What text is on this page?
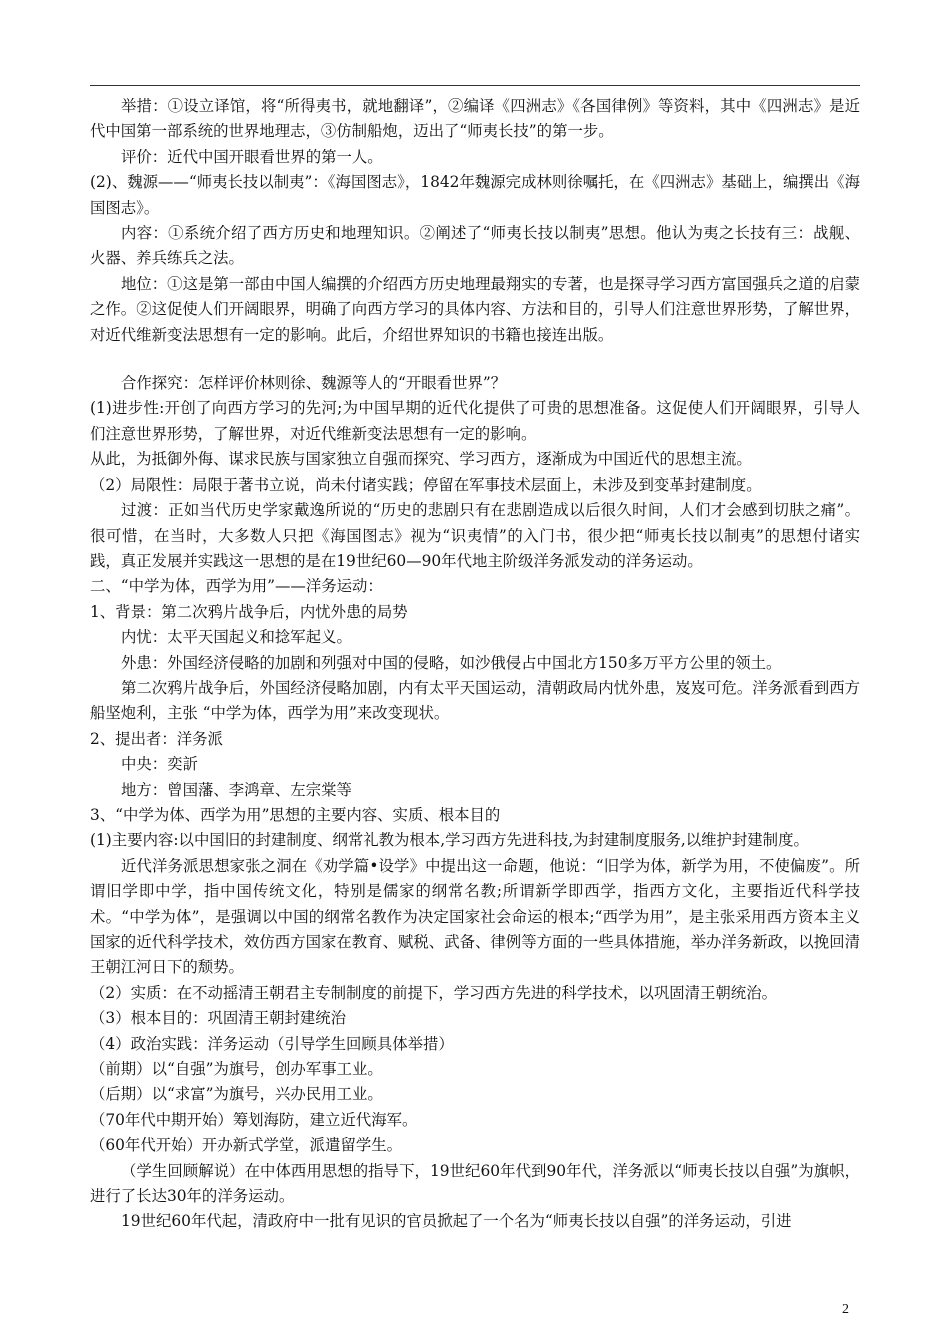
举措：①设立译馆，将“所得夷书，就地翻译”，②编译《四洲志》《各国律例》等资料，其中《四洲志》是近代中国第一部系统的世界地理志，③仿制船炮，迈出了“师夷长技”的第一步。

评价：近代中国开眼看世界的第一人。

(2)、魏源——“师夷长技以制夷”：《海国图志》，1842年魏源完成林则徐嘱托，在《四洲志》基础上，编撰出《海国图志》。

内容：①系统介绍了西方历史和地理知识。②阐述了“师夷长技以制夷”思想。他认为夷之长技有三：战舰、火器、养兵练兵之法。

地位：①这是第一部由中国人编撰的介绍西方历史地理最翔实的专著，也是探寻学习西方富国强兵之道的启蒙之作。②这促使人们开阔眼界，明确了向西方学习的具体内容、方法和目的，引导人们注意世界形势，了解世界，对近代维新变法思想有一定的影响。此后，介绍世界知识的书籍也接连出版。

合作探究：怎样评价林则徐、魏源等人的“开眼看世界”？

(1)进步性:开创了向西方学习的先河;为中国早期的近代化提供了可贵的思想准备。这促使人们开阔眼界，引导人们注意世界形势，了解世界，对近代维新变法思想有一定的影响。

从此，为抵御外侮、谋求民族与国家独立自强而探究、学习西方，逐渐成为中国近代的思想主流。

（2）局限性：局限于著书立说，尚未付诸实践；停留在军事技术层面上，未涉及到变革封建制度。

过渡：正如当代历史学家戴逸所说的“历史的悲剧只有在悲剧造成以后很久时间，人们才会感到切肤之痛”。很可惜，在当时，大多数人只把《海国图志》视为“识夷情”的入门书，很少把“师夷长技以制夷”的思想付诸实践，真正发展并实践这一思想的是在19世纪60—90年代地主阶级洋务派发动的洋务运动。

二、“中学为体，西学为用”——洋务运动：

1、背景：第二次鸦片战争后，内忧外患的局势

内忧：太平天国起义和捻军起义。

外患：外国经济侵略的加剧和列强对中国的侵略，如沙俄侵占中国北方150多万平方公里的领土。

第二次鸦片战争后，外国经济侵略加剧，内有太平天国运动，清朝政局内忧外患，岌岌可危。洋务派看到西方船坚炮利，主张 “中学为体，西学为用”来改变现状。

2、提出者：洋务派

中央：奕訢

地方：曾国藩、李鸿章、左宗棠等

3、“中学为体、西学为用”思想的主要内容、实质、根本目的

(1)主要内容:以中国旧的封建制度、纲常礼教为根本,学习西方先进科技,为封建制度服务,以维护封建制度。

近代洋务派思想家张之洞在《劝学篇•设学》中提出这一命题，他说：“旧学为体，新学为用，不使偏废”。所谓旧学即中学，指中国传统文化，特别是儒家的纲常名教;所谓新学即西学，指西方文化，主要指近代科学技术。“中学为体”，是强调以中国的纲常名教作为决定国家社会命运的根本;“西学为用”，是主张采用西方资本主义国家的近代科学技术，效仿西方国家在教育、赋税、武备、律例等方面的一些具体措施，举办洋务新政，以挽回清王朝江河日下的颓势。

（2）实质：在不动摇清王朝君主专制制度的前提下，学习西方先进的科学技术，以巩固清王朝统治。

（3）根本目的：巩固清王朝封建统治

（4）政治实践：洋务运动（引导学生回顾具体举措）

（前期）以“自强”为旗号，创办军事工业。

（后期）以“求富”为旗号，兴办民用工业。

（70年代中期开始）筹划海防，建立近代海军。

（60年代开始）开办新式学堂，派遣留学生。

（学生回顾解说）在中体西用思想的指导下，19世纪60年代到90年代，洋务派以“师夷长技以自强”为旗帜，进行了长达30年的洋务运动。

19世纪60年代起，清政府中一批有见识的官员掀起了一个名为“师夷长技以自强”的洋务运动，引进

2
